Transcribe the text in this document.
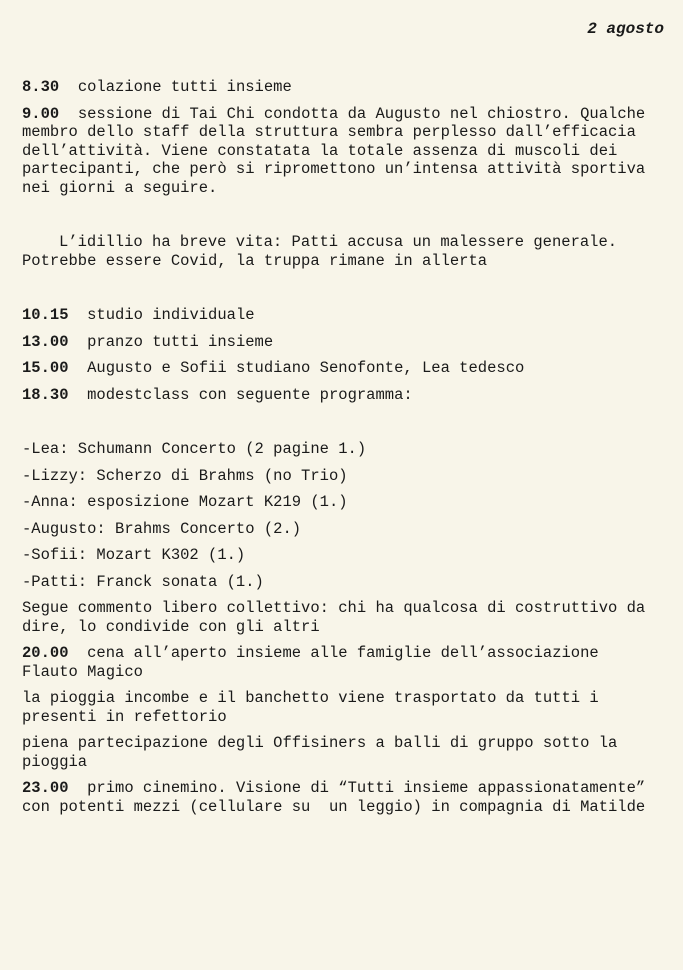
2 agosto

8.30 colazione tutti insieme

9.00 sessione di Tai Chi condotta da Augusto nel chiostro. Qualche membro dello staff della struttura sembra perplesso dall’efficacia dell’attività. Viene constatata la totale assenza di muscoli dei partecipanti, che però si ripromettono un’intensa attività sportiva nei giorni a seguire.

L’idillio ha breve vita: Patti accusa un malessere generale. Potrebbe essere Covid, la truppa rimane in allerta

10.15 studio individuale

13.00 pranzo tutti insieme

15.00 Augusto e Sofii studiano Senofonte, Lea tedesco

18.30 modestclass con seguente programma:

-Lea: Schumann Concerto (2 pagine 1.)

-Lizzy: Scherzo di Brahms (no Trio)

-Anna: esposizione Mozart K219 (1.)

-Augusto: Brahms Concerto (2.)

-Sofii: Mozart K302 (1.)

-Patti: Franck sonata (1.)

Segue commento libero collettivo: chi ha qualcosa di costruttivo da dire, lo condivide con gli altri

20.00 cena all’aperto insieme alle famiglie dell’associazione Flauto Magico

la pioggia incombe e il banchetto viene trasportato da tutti i presenti in refettorio

piena partecipazione degli Offisiners a balli di gruppo sotto la pioggia

23.00 primo cinemino. Visione di “Tutti insieme appassionatamente” con potenti mezzi (cellulare su  un leggio) in compagnia di Matilde
